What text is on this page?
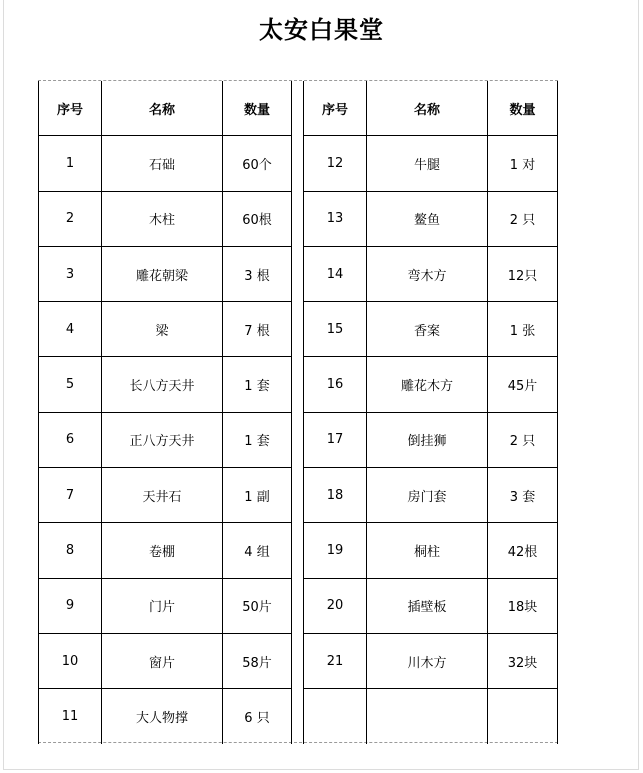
太安白果堂
序号	名称	数量
1	石础	60个
2	木柱	60根
3	雕花朝梁	3 根
4	梁	7 根
5	长八方天井	1 套
6	正八方天井	1 套
7	天井石	1 副
8	卷棚	4 组
9	门片	50片
10	窗片	58片
11	大人物撑	6 只
序号	名称	数量
12	牛腿	1 对
13	鳌鱼	2 只
14	弯木方	12只
15	香案	1 张
16	雕花木方	45片
17	倒挂狮	2 只
18	房门套	3 套
19	桐柱	42根
20	插壁板	18块
21	川木方	32块
